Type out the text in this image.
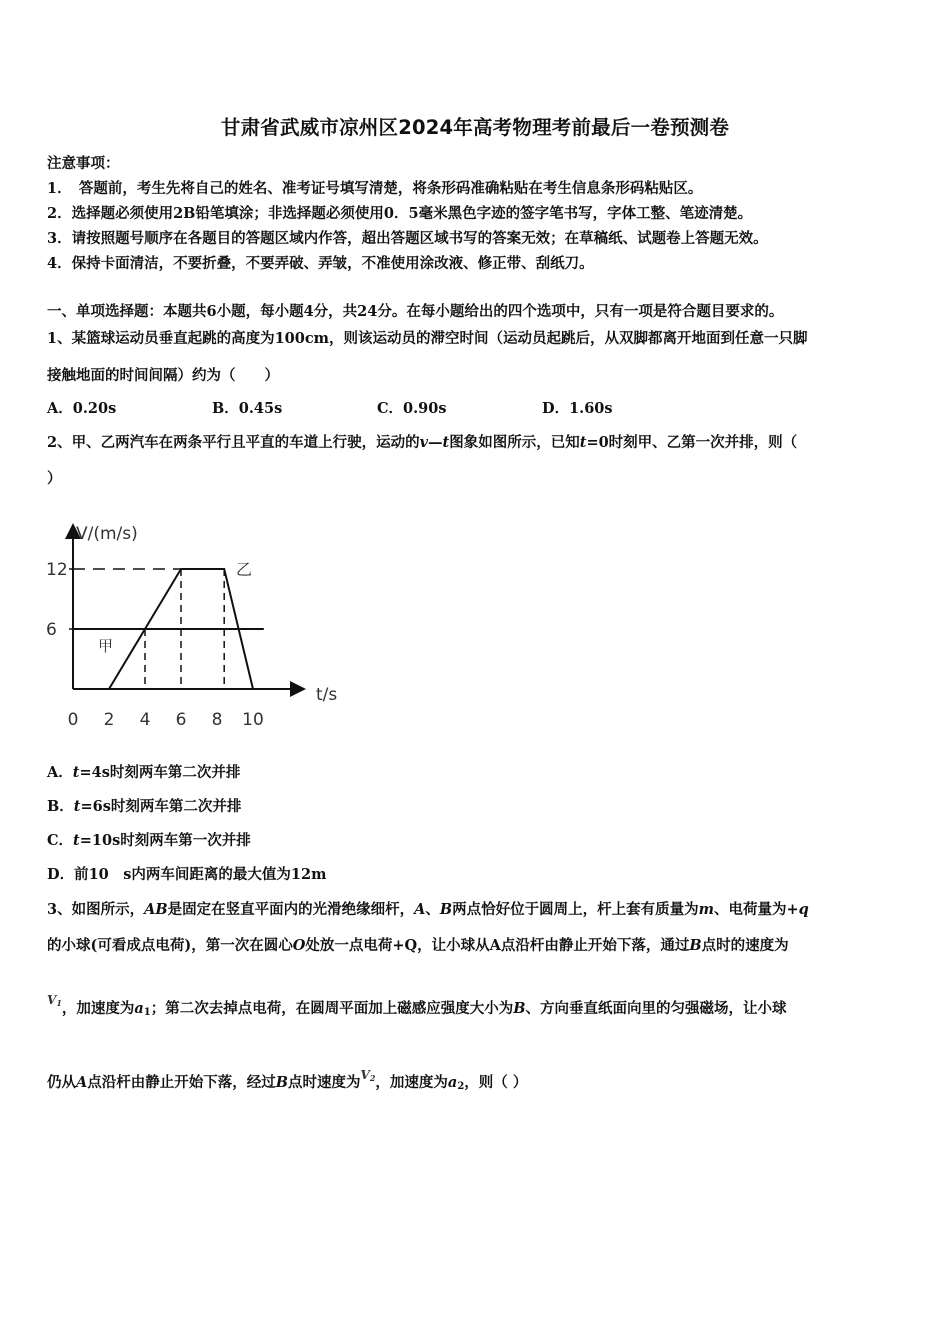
甘肃省武威市凉州区2024年高考物理考前最后一卷预测卷
注意事项：
1．　答题前，考生先将自己的姓名、准考证号填写清楚，将条形码准确粘贴在考生信息条形码粘贴区。
2．选择题必须使用2B铅笔填涂；非选择题必须使用0．5毫米黑色字迹的签字笔书写，字体工整、笔迹清楚。
3．请按照题号顺序在各题目的答题区域内作答，超出答题区域书写的答案无效；在草稿纸、试题卷上答题无效。
4．保持卡面清洁，不要折叠，不要弄破、弄皱，不准使用涂改液、修正带、刮纸刀。
一、单项选择题：本题共6小题，每小题4分，共24分。在每小题给出的四个选项中，只有一项是符合题目要求的。
1、某篮球运动员垂直起跳的高度为100cm，则该运动员的滞空时间（运动员起跳后，从双脚都离开地面到任意一只脚
接触地面的时间间隔）约为（　　）
A．0.20s	B．0.45s	C．0.90s	D．1.60s
2、甲、乙两汽车在两条平行且平直的车道上行驶，运动的v—t图象如图所示，已知t=0时刻甲、乙第一次并排，则（
）
V/(m/s)
t/s
6
12
0 2 4 6 8 10
甲
乙
A．t=4s时刻两车第二次并排
B．t=6s时刻两车第二次并排
C．t=10s时刻两车第一次并排
D．前10　s内两车间距离的最大值为12m
3、如图所示，AB是固定在竖直平面内的光滑绝缘细杆，A、B两点恰好位于圆周上，杆上套有质量为m、电荷量为+q
的小球(可看成点电荷)，第一次在圆心O处放一点电荷+Q，让小球从A点沿杆由静止开始下落，通过B点时的速度为
$^{V_1}$，加速度为$a_1$；第二次去掉点电荷，在圆周平面加上磁感应强度大小为B、方向垂直纸面向里的匀强磁场，让小球
仍从A点沿杆由静止开始下落，经过B点时速度为$^{V_2}$，加速度为$a_2$，则（ ）
